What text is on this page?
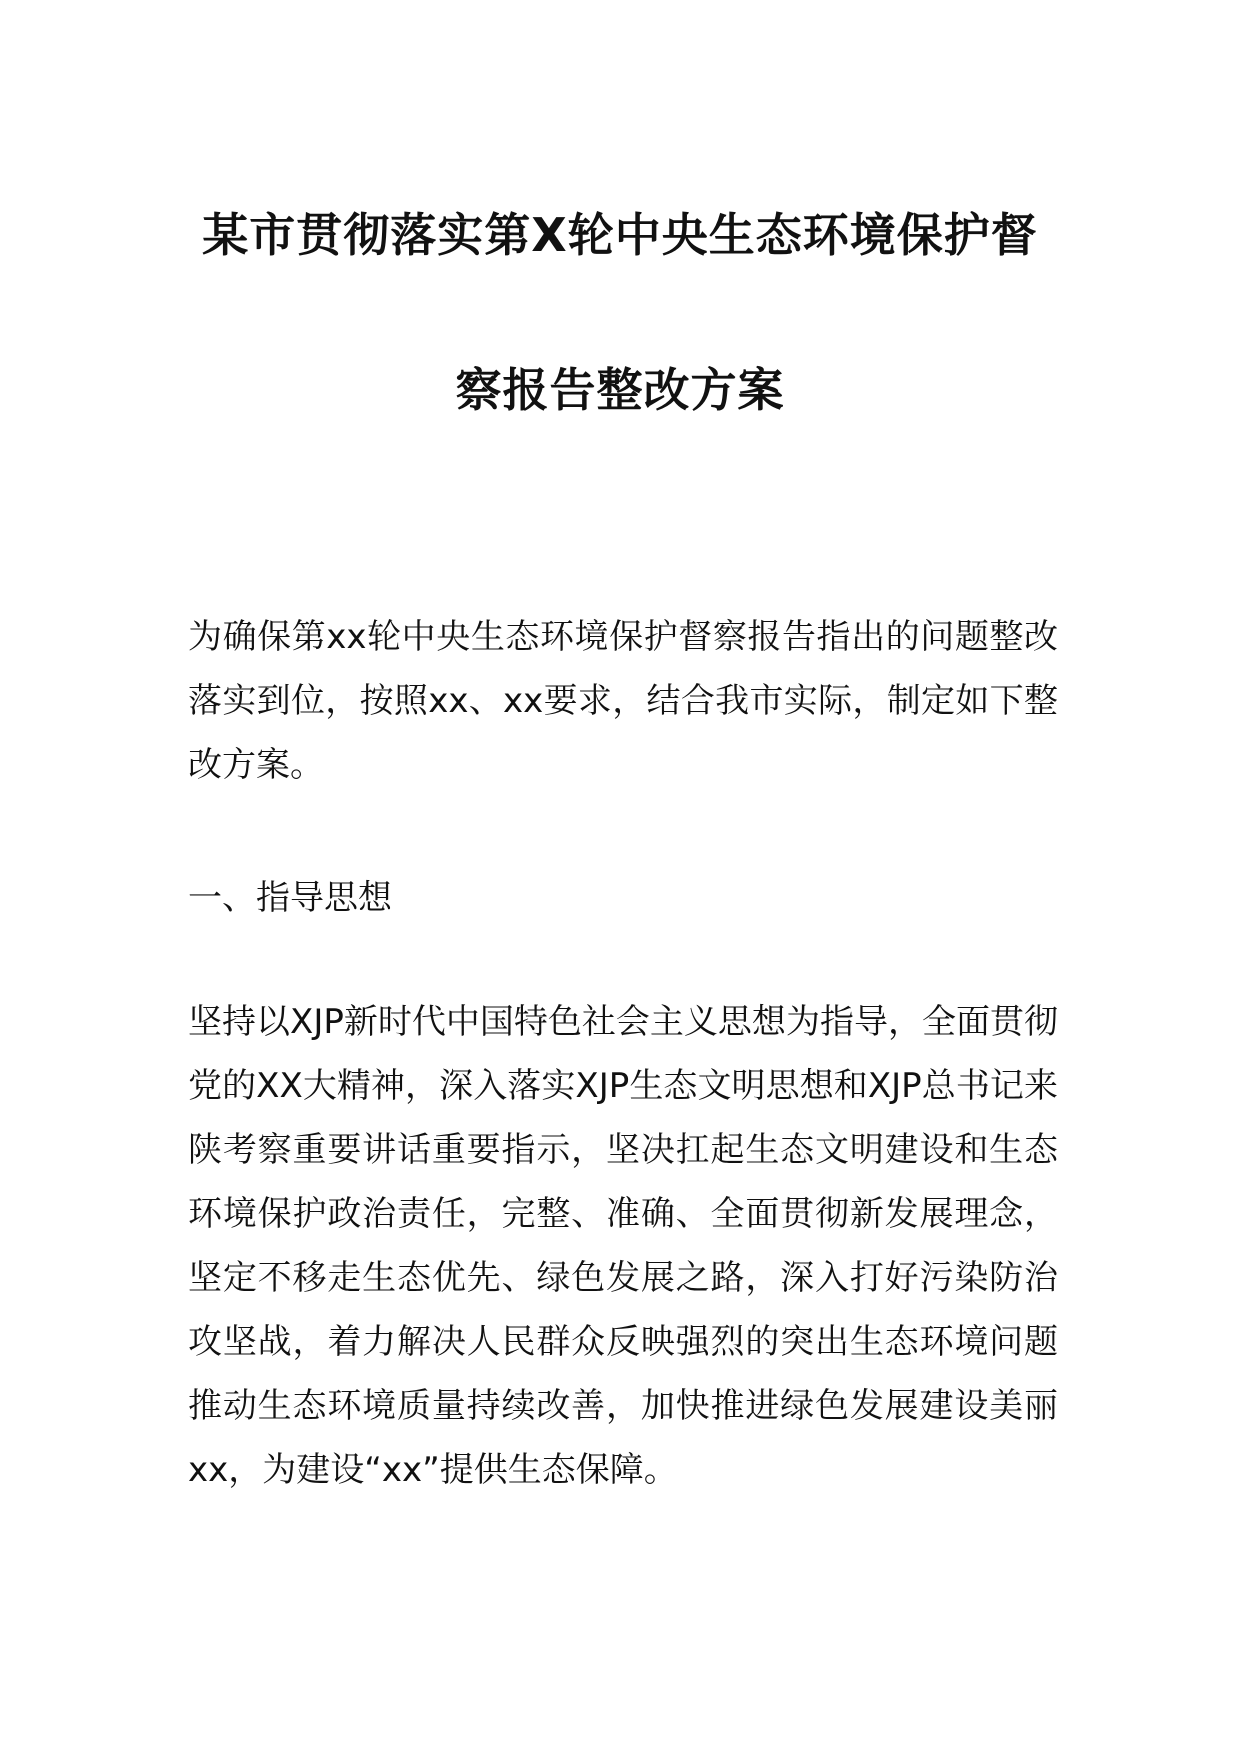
某市贯彻落实第X轮中央生态环境保护督
察报告整改方案

为确保第xx轮中央生态环境保护督察报告指出的问题整改落实到位，按照xx、xx要求，结合我市实际，制定如下整改方案。

一、指导思想

坚持以XJP新时代中国特色社会主义思想为指导，全面贯彻党的XX大精神，深入落实XJP生态文明思想和XJP总书记来陕考察重要讲话重要指示，坚决扛起生态文明建设和生态环境保护政治责任，完整、准确、全面贯彻新发展理念，坚定不移走生态优先、绿色发展之路，深入打好污染防治攻坚战，着力解决人民群众反映强烈的突出生态环境问题推动生态环境质量持续改善，加快推进绿色发展建设美丽xx，为建设“xx”提供生态保障。
